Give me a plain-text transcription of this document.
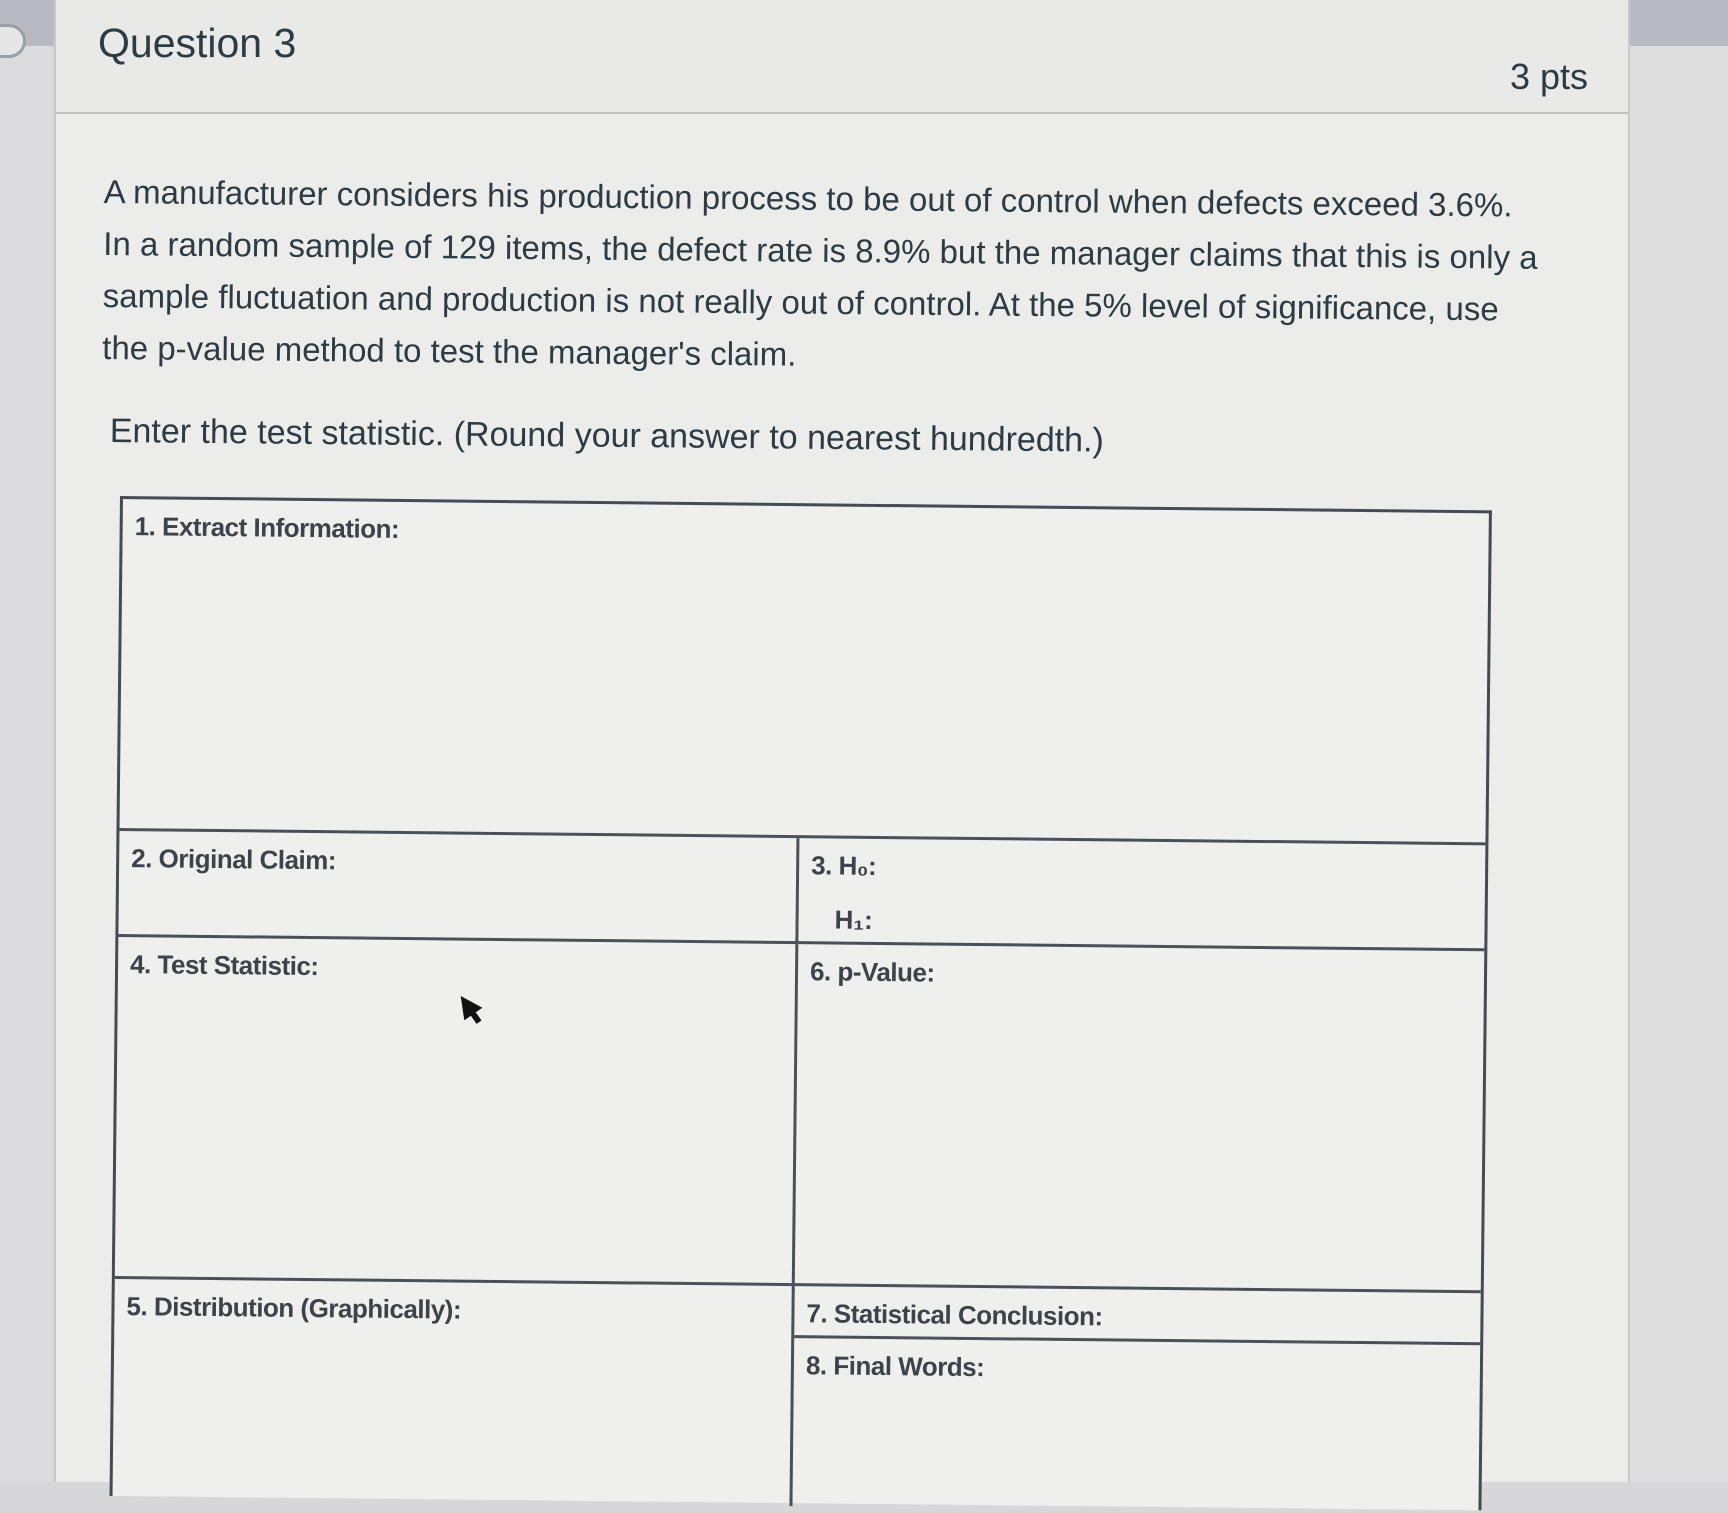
Question 3
3 pts

A manufacturer considers his production process to be out of control when defects exceed 3.6%. In a random sample of 129 items, the defect rate is 8.9% but the manager claims that this is only a sample fluctuation and production is not really out of control. At the 5% level of significance, use the p-value method to test the manager's claim.

Enter the test statistic. (Round your answer to nearest hundredth.)

1. Extract Information:
2. Original Claim:	3. H₀:
H₁:
4. Test Statistic:	6. p-Value:
5. Distribution (Graphically):	7. Statistical Conclusion:
8. Final Words:
